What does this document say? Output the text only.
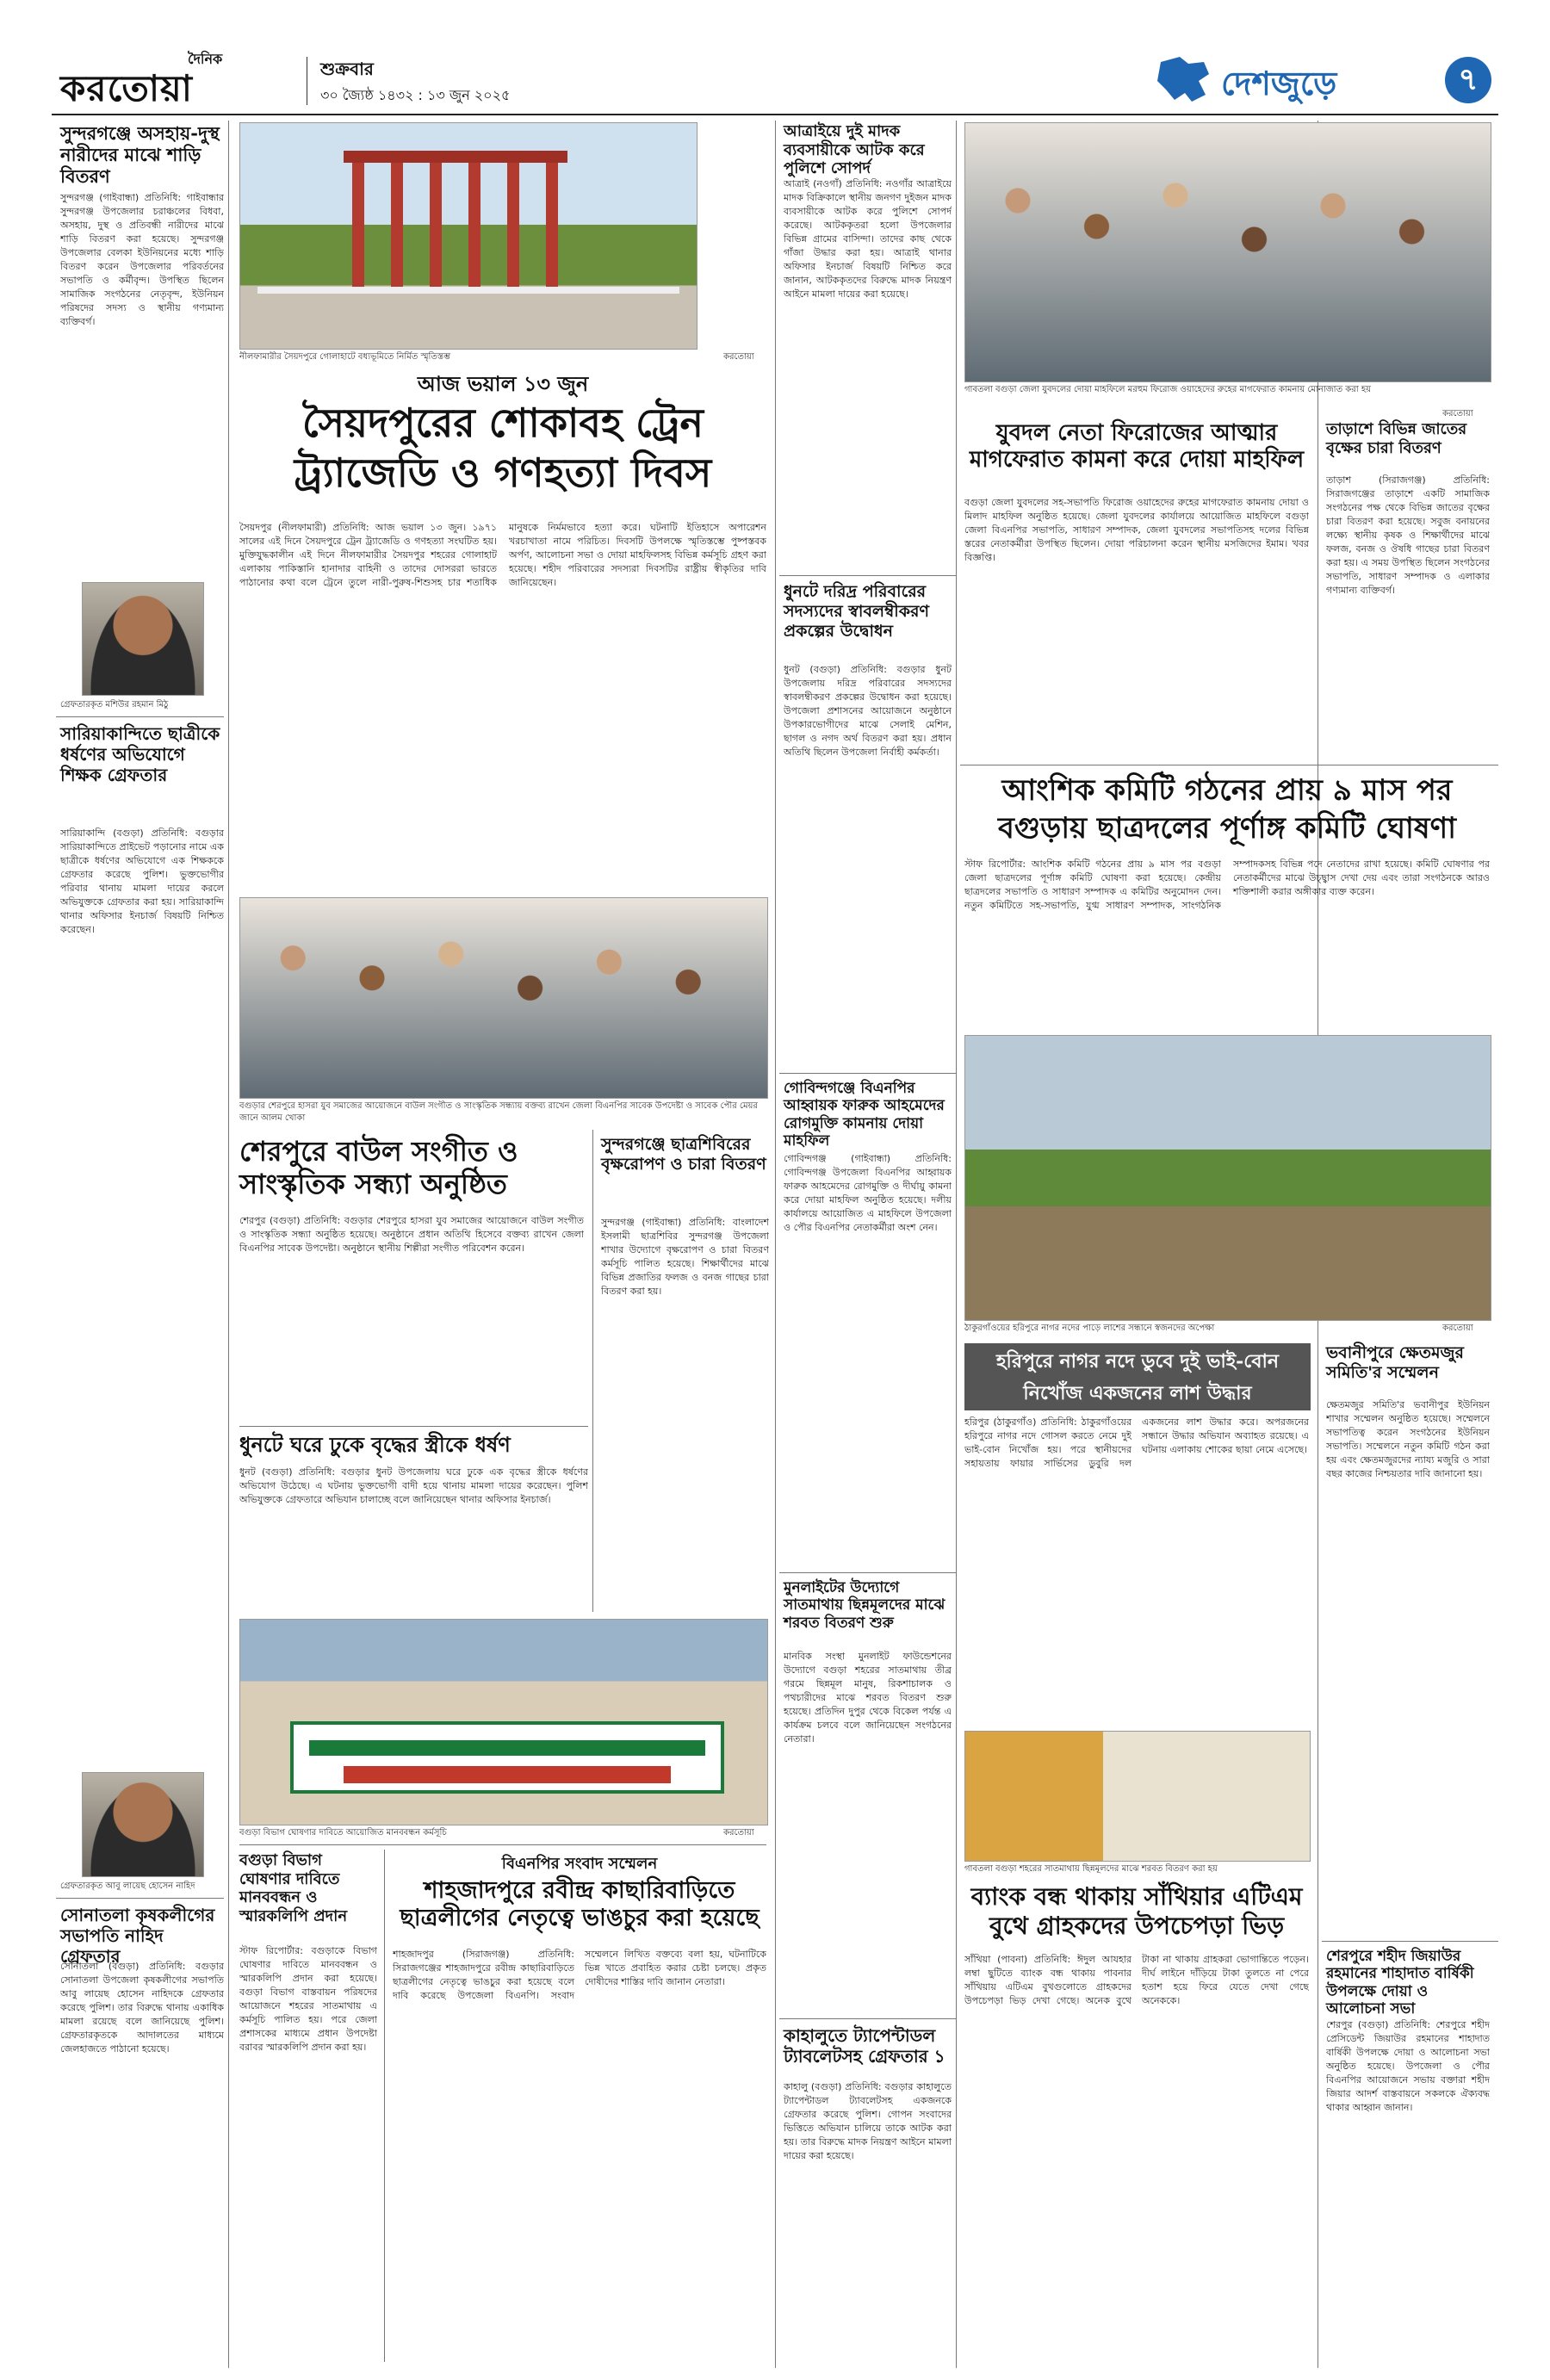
দৈনিক
করতোয়া	শুক্রবার
৩০ জ্যৈষ্ঠ ১৪৩২ : ১৩ জুন ২০২৫	দেশজুড়ে	৭
সুন্দরগঞ্জে অসহায়-দুস্থ নারীদের মাঝে শাড়ি বিতরণ
সুন্দরগঞ্জ (গাইবান্ধা) প্রতিনিধি: গাইবান্ধার সুন্দরগঞ্জ উপজেলার চরাঞ্চলের বিধবা, অসহায়, দুস্থ ও প্রতিবন্ধী নারীদের মাঝে শাড়ি বিতরণ করা হয়েছে। সুন্দরগঞ্জ উপজেলার বেলকা ইউনিয়নের মধ্যে শাড়ি বিতরণ করেন উপজেলার পরিবর্তনের সভাপতি ও কর্মীবৃন্দ। উপস্থিত ছিলেন সামাজিক সংগঠনের নেতৃবৃন্দ, ইউনিয়ন পরিষদের সদস্য ও স্থানীয় গণ্যমান্য ব্যক্তিবর্গ।
গ্রেফতারকৃত মশিউর রহমান মিঠু
সারিয়াকান্দিতে ছাত্রীকে ধর্ষণের অভিযোগে শিক্ষক গ্রেফতার
সারিয়াকান্দি (বগুড়া) প্রতিনিধি: বগুড়ার সারিয়াকান্দিতে প্রাইভেট পড়ানোর নামে এক ছাত্রীকে ধর্ষণের অভিযোগে এক শিক্ষককে গ্রেফতার করেছে পুলিশ। ভুক্তভোগীর পরিবার থানায় মামলা দায়ের করলে অভিযুক্তকে গ্রেফতার করা হয়। সারিয়াকান্দি থানার অফিসার ইনচার্জ বিষয়টি নিশ্চিত করেছেন।
গ্রেফতারকৃত আবু লায়েছ হোসেন নাহিদ
সোনাতলা কৃষকলীগের সভাপতি নাহিদ গ্রেফতার
সোনাতলা (বগুড়া) প্রতিনিধি: বগুড়ার সোনাতলা উপজেলা কৃষকলীগের সভাপতি আবু লায়েছ হোসেন নাহিদকে গ্রেফতার করেছে পুলিশ। তার বিরুদ্ধে থানায় একাধিক মামলা রয়েছে বলে জানিয়েছে পুলিশ। গ্রেফতারকৃতকে আদালতের মাধ্যমে জেলহাজতে পাঠানো হয়েছে।
নীলফামারীর সৈয়দপুরে গোলাহাটে বধ্যভূমিতে নির্মিত স্মৃতিস্তম্ভ	করতোয়া
আজ ভয়াল ১৩ জুন
সৈয়দপুরের শোকাবহ ট্রেন ট্র্যাজেডি ও গণহত্যা দিবস
সৈয়দপুর (নীলফামারী) প্রতিনিধি: আজ ভয়াল ১৩ জুন। ১৯৭১ সালের এই দিনে সৈয়দপুরে ট্রেন ট্র্যাজেডি ও গণহত্যা সংঘটিত হয়। মুক্তিযুদ্ধকালীন এই দিনে নীলফামারীর সৈয়দপুর শহরের গোলাহাট এলাকায় পাকিস্তানি হানাদার বাহিনী ও তাদের দোসররা ভারতে পাঠানোর কথা বলে ট্রেনে তুলে নারী-পুরুষ-শিশুসহ চার শতাধিক মানুষকে নির্মমভাবে হত্যা করে। ঘটনাটি ইতিহাসে অপারেশন খরচাখাতা নামে পরিচিত। দিবসটি উপলক্ষে স্মৃতিস্তম্ভে পুষ্পস্তবক অর্পণ, আলোচনা সভা ও দোয়া মাহফিলসহ বিভিন্ন কর্মসূচি গ্রহণ করা হয়েছে। শহীদ পরিবারের সদস্যরা দিবসটির রাষ্ট্রীয় স্বীকৃতির দাবি জানিয়েছেন।
বগুড়ার শেরপুরে হাসরা যুব সমাজের আয়োজনে বাউল সংগীত ও সাংস্কৃতিক সন্ধ্যায় বক্তব্য রাখেন জেলা বিএনপির সাবেক উপদেষ্টা ও সাবেক পৌর মেয়র জানে আলম খোকা
শেরপুরে বাউল সংগীত ও সাংস্কৃতিক সন্ধ্যা অনুষ্ঠিত
শেরপুর (বগুড়া) প্রতিনিধি: বগুড়ার শেরপুরে হাসরা যুব সমাজের আয়োজনে বাউল সংগীত ও সাংস্কৃতিক সন্ধ্যা অনুষ্ঠিত হয়েছে। অনুষ্ঠানে প্রধান অতিথি হিসেবে বক্তব্য রাখেন জেলা বিএনপির সাবেক উপদেষ্টা। অনুষ্ঠানে স্থানীয় শিল্পীরা সংগীত পরিবেশন করেন।
সুন্দরগঞ্জে ছাত্রশিবিরের বৃক্ষরোপণ ও চারা বিতরণ
সুন্দরগঞ্জ (গাইবান্ধা) প্রতিনিধি: বাংলাদেশ ইসলামী ছাত্রশিবির সুন্দরগঞ্জ উপজেলা শাখার উদ্যোগে বৃক্ষরোপণ ও চারা বিতরণ কর্মসূচি পালিত হয়েছে। শিক্ষার্থীদের মাঝে বিভিন্ন প্রজাতির ফলজ ও বনজ গাছের চারা বিতরণ করা হয়।
ধুনটে ঘরে ঢুকে বৃদ্ধের স্ত্রীকে ধর্ষণ
ধুনট (বগুড়া) প্রতিনিধি: বগুড়ার ধুনট উপজেলায় ঘরে ঢুকে এক বৃদ্ধের স্ত্রীকে ধর্ষণের অভিযোগ উঠেছে। এ ঘটনায় ভুক্তভোগী বাদী হয়ে থানায় মামলা দায়ের করেছেন। পুলিশ অভিযুক্তকে গ্রেফতারে অভিযান চালাচ্ছে বলে জানিয়েছেন থানার অফিসার ইনচার্জ।
বগুড়া বিভাগ ঘোষণার দাবিতে আয়োজিত মানববন্ধন কর্মসূচি	করতোয়া
বগুড়া বিভাগ ঘোষণার দাবিতে মানববন্ধন ও স্মারকলিপি প্রদান
স্টাফ রিপোর্টার: বগুড়াকে বিভাগ ঘোষণার দাবিতে মানববন্ধন ও স্মারকলিপি প্রদান করা হয়েছে। বগুড়া বিভাগ বাস্তবায়ন পরিষদের আয়োজনে শহরের সাতমাথায় এ কর্মসূচি পালিত হয়। পরে জেলা প্রশাসকের মাধ্যমে প্রধান উপদেষ্টা বরাবর স্মারকলিপি প্রদান করা হয়।
বিএনপির সংবাদ সম্মেলন
শাহজাদপুরে রবীন্দ্র কাছারিবাড়িতে ছাত্রলীগের নেতৃত্বে ভাঙচুর করা হয়েছে
শাহজাদপুর (সিরাজগঞ্জ) প্রতিনিধি: সিরাজগঞ্জের শাহজাদপুরে রবীন্দ্র কাছারিবাড়িতে ছাত্রলীগের নেতৃত্বে ভাঙচুর করা হয়েছে বলে দাবি করেছে উপজেলা বিএনপি। সংবাদ সম্মেলনে লিখিত বক্তব্যে বলা হয়, ঘটনাটিকে ভিন্ন খাতে প্রবাহিত করার চেষ্টা চলছে। প্রকৃত দোষীদের শাস্তির দাবি জানান নেতারা।
আত্রাইয়ে দুই মাদক ব্যবসায়ীকে আটক করে পুলিশে সোপর্দ
আত্রাই (নওগাঁ) প্রতিনিধি: নওগাঁর আত্রাইয়ে মাদক বিক্রিকালে স্থানীয় জনগণ দুইজন মাদক ব্যবসায়ীকে আটক করে পুলিশে সোপর্দ করেছে। আটককৃতরা হলো উপজেলার বিভিন্ন গ্রামের বাসিন্দা। তাদের কাছ থেকে গাঁজা উদ্ধার করা হয়। আত্রাই থানার অফিসার ইনচার্জ বিষয়টি নিশ্চিত করে জানান, আটককৃতদের বিরুদ্ধে মাদক নিয়ন্ত্রণ আইনে মামলা দায়ের করা হয়েছে।
ধুনটে দরিদ্র পরিবারের সদস্যদের স্বাবলম্বীকরণ প্রকল্পের উদ্বোধন
ধুনট (বগুড়া) প্রতিনিধি: বগুড়ার ধুনট উপজেলায় দরিদ্র পরিবারের সদস্যদের স্বাবলম্বীকরণ প্রকল্পের উদ্বোধন করা হয়েছে। উপজেলা প্রশাসনের আয়োজনে অনুষ্ঠানে উপকারভোগীদের মাঝে সেলাই মেশিন, ছাগল ও নগদ অর্থ বিতরণ করা হয়। প্রধান অতিথি ছিলেন উপজেলা নির্বাহী কর্মকর্তা।
গোবিন্দগঞ্জে বিএনপির আহ্বায়ক ফারুক আহমেদের রোগমুক্তি কামনায় দোয়া মাহফিল
গোবিন্দগঞ্জ (গাইবান্ধা) প্রতিনিধি: গোবিন্দগঞ্জ উপজেলা বিএনপির আহ্বায়ক ফারুক আহমেদের রোগমুক্তি ও দীর্ঘায়ু কামনা করে দোয়া মাহফিল অনুষ্ঠিত হয়েছে। দলীয় কার্যালয়ে আয়োজিত এ মাহফিলে উপজেলা ও পৌর বিএনপির নেতাকর্মীরা অংশ নেন।
মুনলাইটের উদ্যোগে সাতমাথায় ছিন্নমূলদের মাঝে শরবত বিতরণ শুরু
মানবিক সংস্থা মুনলাইট ফাউন্ডেশনের উদ্যোগে বগুড়া শহরের সাতমাথায় তীব্র গরমে ছিন্নমূল মানুষ, রিকশাচালক ও পথচারীদের মাঝে শরবত বিতরণ শুরু হয়েছে। প্রতিদিন দুপুর থেকে বিকেল পর্যন্ত এ কার্যক্রম চলবে বলে জানিয়েছেন সংগঠনের নেতারা।
কাহালুতে ট্যাপেন্টাডল ট্যাবলেটসহ গ্রেফতার ১
কাহালু (বগুড়া) প্রতিনিধি: বগুড়ার কাহালুতে ট্যাপেন্টাডল ট্যাবলেটসহ একজনকে গ্রেফতার করেছে পুলিশ। গোপন সংবাদের ভিত্তিতে অভিযান চালিয়ে তাকে আটক করা হয়। তার বিরুদ্ধে মাদক নিয়ন্ত্রণ আইনে মামলা দায়ের করা হয়েছে।
গাবতলা বগুড়া জেলা যুবদলের দোয়া মাহফিলে মরহুম ফিরোজ ওয়াহেদের রুহের মাগফেরাত কামনায় মোনাজাত করা হয়
করতোয়া
যুবদল নেতা ফিরোজের আত্মার মাগফেরাত কামনা করে দোয়া মাহফিল
বগুড়া জেলা যুবদলের সহ-সভাপতি ফিরোজ ওয়াহেদের রুহের মাগফেরাত কামনায় দোয়া ও মিলাদ মাহফিল অনুষ্ঠিত হয়েছে। জেলা যুবদলের কার্যালয়ে আয়োজিত মাহফিলে বগুড়া জেলা বিএনপির সভাপতি, সাধারণ সম্পাদক, জেলা যুবদলের সভাপতিসহ দলের বিভিন্ন স্তরের নেতাকর্মীরা উপস্থিত ছিলেন। দোয়া পরিচালনা করেন স্থানীয় মসজিদের ইমাম। খবর বিজ্ঞপ্তি।
তাড়াশে বিভিন্ন জাতের বৃক্ষের চারা বিতরণ
তাড়াশ (সিরাজগঞ্জ) প্রতিনিধি: সিরাজগঞ্জের তাড়াশে একটি সামাজিক সংগঠনের পক্ষ থেকে বিভিন্ন জাতের বৃক্ষের চারা বিতরণ করা হয়েছে। সবুজ বনায়নের লক্ষ্যে স্থানীয় কৃষক ও শিক্ষার্থীদের মাঝে ফলজ, বনজ ও ঔষধি গাছের চারা বিতরণ করা হয়। এ সময় উপস্থিত ছিলেন সংগঠনের সভাপতি, সাধারণ সম্পাদক ও এলাকার গণ্যমান্য ব্যক্তিবর্গ।
আংশিক কমিটি গঠনের প্রায় ৯ মাস পর বগুড়ায় ছাত্রদলের পূর্ণাঙ্গ কমিটি ঘোষণা
স্টাফ রিপোর্টার: আংশিক কমিটি গঠনের প্রায় ৯ মাস পর বগুড়া জেলা ছাত্রদলের পূর্ণাঙ্গ কমিটি ঘোষণা করা হয়েছে। কেন্দ্রীয় ছাত্রদলের সভাপতি ও সাধারণ সম্পাদক এ কমিটির অনুমোদন দেন। নতুন কমিটিতে সহ-সভাপতি, যুগ্ম সাধারণ সম্পাদক, সাংগঠনিক সম্পাদকসহ বিভিন্ন পদে নেতাদের রাখা হয়েছে। কমিটি ঘোষণার পর নেতাকর্মীদের মাঝে উচ্ছ্বাস দেখা দেয় এবং তারা সংগঠনকে আরও শক্তিশালী করার অঙ্গীকার ব্যক্ত করেন।
ঠাকুরগাঁওয়ের হরিপুরে নাগর নদের পাড়ে লাশের সন্ধানে স্বজনদের অপেক্ষা	করতোয়া
হরিপুরে নাগর নদে ডুবে দুই ভাই-বোন নিখোঁজ একজনের লাশ উদ্ধার
হরিপুর (ঠাকুরগাঁও) প্রতিনিধি: ঠাকুরগাঁওয়ের হরিপুরে নাগর নদে গোসল করতে নেমে দুই ভাই-বোন নিখোঁজ হয়। পরে স্থানীয়দের সহায়তায় ফায়ার সার্ভিসের ডুবুরি দল একজনের লাশ উদ্ধার করে। অপরজনের সন্ধানে উদ্ধার অভিযান অব্যাহত রয়েছে। এ ঘটনায় এলাকায় শোকের ছায়া নেমে এসেছে।
ভবানীপুরে ক্ষেতমজুর সমিতি'র সম্মেলন
ক্ষেতমজুর সমিতি'র ভবানীপুর ইউনিয়ন শাখার সম্মেলন অনুষ্ঠিত হয়েছে। সম্মেলনে সভাপতিত্ব করেন সংগঠনের ইউনিয়ন সভাপতি। সম্মেলনে নতুন কমিটি গঠন করা হয় এবং ক্ষেতমজুরদের ন্যায্য মজুরি ও সারা বছর কাজের নিশ্চয়তার দাবি জানানো হয়।
গাবতলা বগুড়া শহরের সাতমাথায় ছিন্নমূলদের মাঝে শরবত বিতরণ করা হয়
ব্যাংক বন্ধ থাকায় সাঁথিয়ার এটিএম বুথে গ্রাহকদের উপচেপড়া ভিড়
সাঁথিয়া (পাবনা) প্রতিনিধি: ঈদুল আযহার লম্বা ছুটিতে ব্যাংক বন্ধ থাকায় পাবনার সাঁথিয়ায় এটিএম বুথগুলোতে গ্রাহকদের উপচেপড়া ভিড় দেখা গেছে। অনেক বুথে টাকা না থাকায় গ্রাহকরা ভোগান্তিতে পড়েন। দীর্ঘ লাইনে দাঁড়িয়ে টাকা তুলতে না পেরে হতাশ হয়ে ফিরে যেতে দেখা গেছে অনেককে।
শেরপুরে শহীদ জিয়াউর রহমানের শাহাদাত বার্ষিকী উপলক্ষে দোয়া ও আলোচনা সভা
শেরপুর (বগুড়া) প্রতিনিধি: শেরপুরে শহীদ প্রেসিডেন্ট জিয়াউর রহমানের শাহাদাত বার্ষিকী উপলক্ষে দোয়া ও আলোচনা সভা অনুষ্ঠিত হয়েছে। উপজেলা ও পৌর বিএনপির আয়োজনে সভায় বক্তারা শহীদ জিয়ার আদর্শ বাস্তবায়নে সকলকে ঐক্যবদ্ধ থাকার আহ্বান জানান।
